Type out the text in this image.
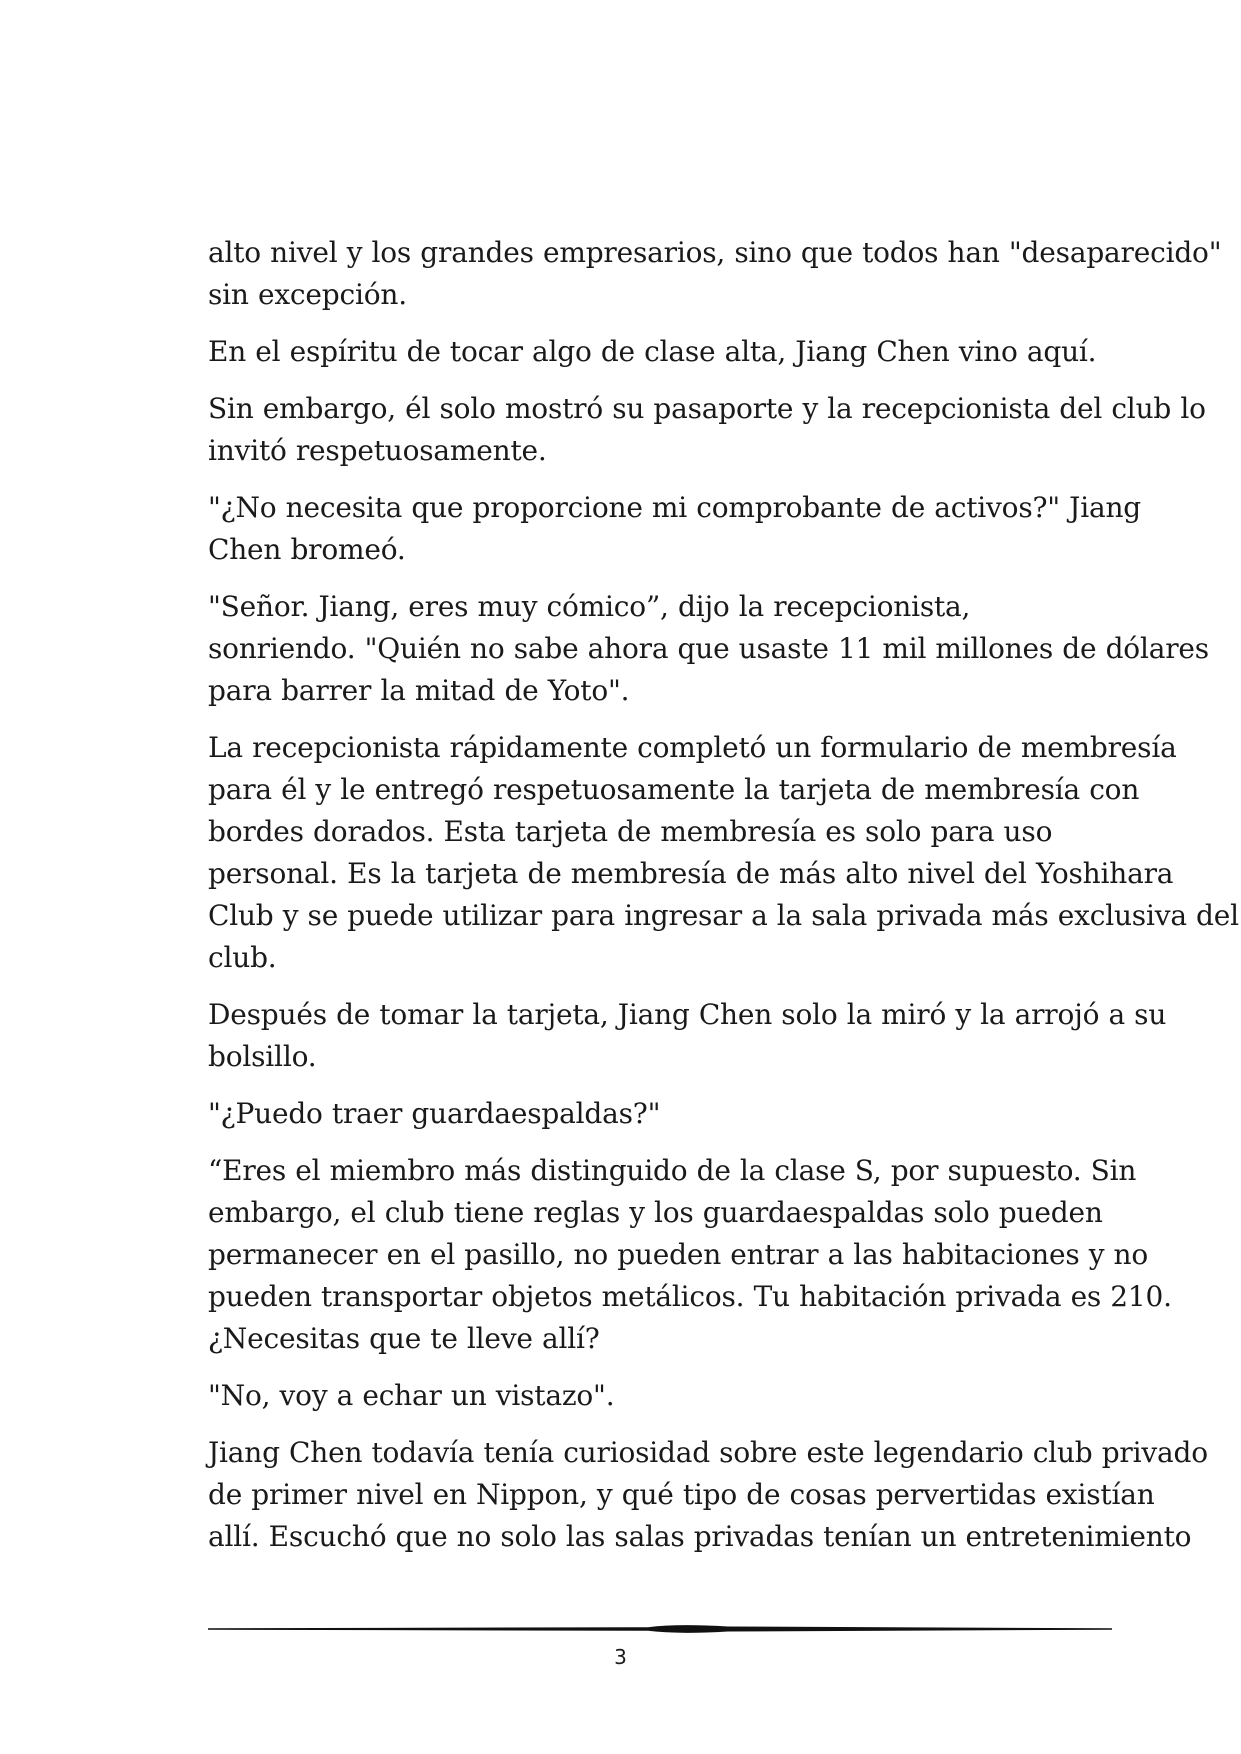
alto nivel y los grandes empresarios, sino que todos han "desaparecido"
sin excepción.

En el espíritu de tocar algo de clase alta, Jiang Chen vino aquí.

Sin embargo, él solo mostró su pasaporte y la recepcionista del club lo
invitó respetuosamente.

"¿No necesita que proporcione mi comprobante de activos?" Jiang
Chen bromeó.

"Señor. Jiang, eres muy cómico”, dijo la recepcionista,
sonriendo. "Quién no sabe ahora que usaste 11 mil millones de dólares
para barrer la mitad de Yoto".

La recepcionista rápidamente completó un formulario de membresía
para él y le entregó respetuosamente la tarjeta de membresía con
bordes dorados. Esta tarjeta de membresía es solo para uso
personal. Es la tarjeta de membresía de más alto nivel del Yoshihara
Club y se puede utilizar para ingresar a la sala privada más exclusiva del
club.

Después de tomar la tarjeta, Jiang Chen solo la miró y la arrojó a su
bolsillo.

"¿Puedo traer guardaespaldas?"

“Eres el miembro más distinguido de la clase S, por supuesto. Sin
embargo, el club tiene reglas y los guardaespaldas solo pueden
permanecer en el pasillo, no pueden entrar a las habitaciones y no
pueden transportar objetos metálicos. Tu habitación privada es 210.
¿Necesitas que te lleve allí?

"No, voy a echar un vistazo".

Jiang Chen todavía tenía curiosidad sobre este legendario club privado
de primer nivel en Nippon, y qué tipo de cosas pervertidas existían
allí. Escuchó que no solo las salas privadas tenían un entretenimiento

3
